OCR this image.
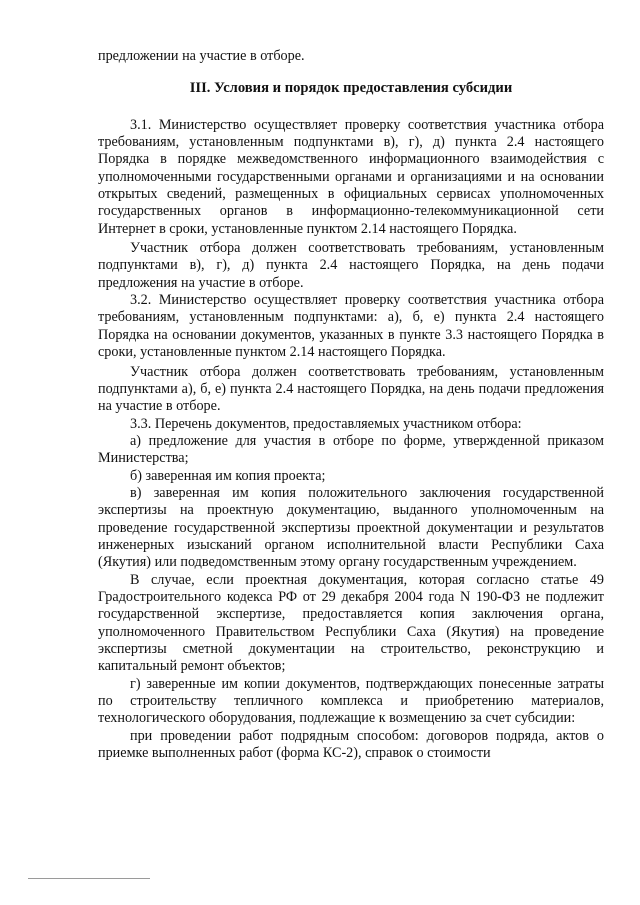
предложении на участие в отборе.

III. Условия и порядок предоставления субсидии

3.1. Министерство осуществляет проверку соответствия участника отбора требованиям, установленным подпунктами в), г), д) пункта 2.4 настоящего Порядка в порядке межведомственного информационного взаимодействия с уполномоченными государственными органами и организациями и на основании открытых сведений, размещенных в официальных сервисах уполномоченных государственных органов в информационно-телекоммуникационной сети Интернет в сроки, установленные пунктом 2.14 настоящего Порядка.

Участник отбора должен соответствовать требованиям, установленным подпунктами в), г), д) пункта 2.4 настоящего Порядка, на день подачи предложения на участие в отборе.

3.2. Министерство осуществляет проверку соответствия участника отбора требованиям, установленным подпунктами: а), б, е) пункта 2.4 настоящего Порядка на основании документов, указанных в пункте 3.3 настоящего Порядка в сроки, установленные пунктом 2.14 настоящего Порядка.

Участник отбора должен соответствовать требованиям, установленным подпунктами а), б, е) пункта 2.4 настоящего Порядка, на день подачи предложения на участие в отборе.

3.3. Перечень документов, предоставляемых участником отбора:

а) предложение для участия в отборе по форме, утвержденной приказом Министерства;

б) заверенная им копия проекта;

в) заверенная им копия положительного заключения государственной экспертизы на проектную документацию, выданного уполномоченным на проведение государственной экспертизы проектной документации и результатов инженерных изысканий органом исполнительной власти Республики Саха (Якутия) или подведомственным этому органу государственным учреждением.

В случае, если проектная документация, которая согласно статье 49 Градостроительного кодекса РФ от 29 декабря 2004 года N 190-ФЗ не подлежит государственной экспертизе, предоставляется копия заключения органа, уполномоченного Правительством Республики Саха (Якутия) на проведение экспертизы сметной документации на строительство, реконструкцию и капитальный ремонт объектов;

г) заверенные им копии документов, подтверждающих понесенные затраты по строительству тепличного комплекса и приобретению материалов, технологического оборудования, подлежащие к возмещению за счет субсидии:

при проведении работ подрядным способом: договоров подряда, актов о приемке выполненных работ (форма КС-2), справок о стоимости
